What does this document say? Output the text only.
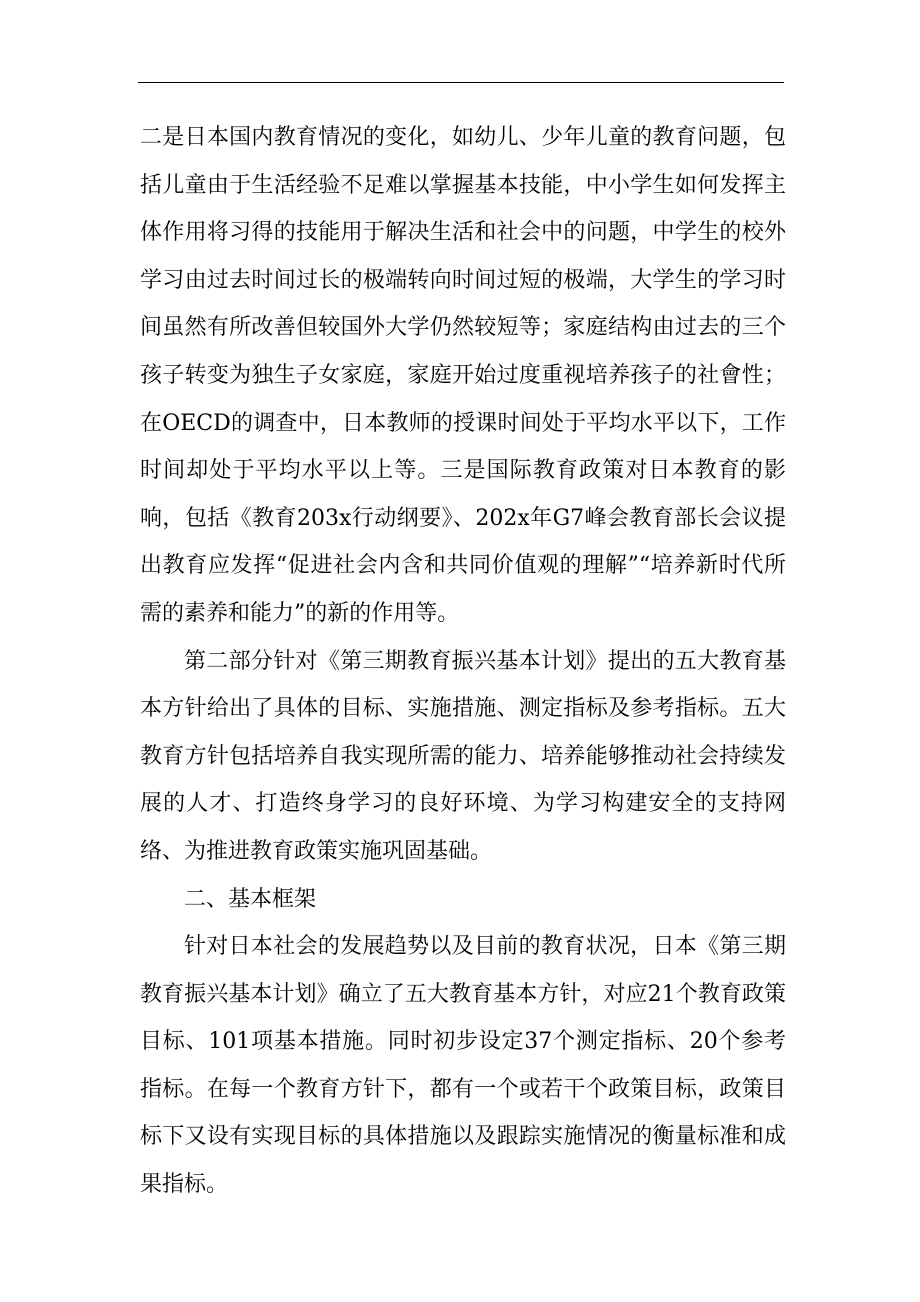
二是日本国内教育情况的变化，如幼儿、少年儿童的教育问题，包括儿童由于生活经验不足难以掌握基本技能，中小学生如何发挥主体作用将习得的技能用于解决生活和社会中的问题，中学生的校外学习由过去时间过长的极端转向时间过短的极端，大学生的学习时间虽然有所改善但较国外大学仍然较短等；家庭结构由过去的三个孩子转变为独生子女家庭，家庭开始过度重视培养孩子的社會性；在OECD的调查中，日本教师的授课时间处于平均水平以下，工作时间却处于平均水平以上等。三是国际教育政策对日本教育的影响，包括《教育203x行动纲要》、202x年G7峰会教育部长会议提出教育应发挥“促进社会内含和共同价值观的理解”“培养新时代所需的素养和能力”的新的作用等。

第二部分针对《第三期教育振兴基本计划》提出的五大教育基本方针给出了具体的目标、实施措施、测定指标及参考指标。五大教育方针包括培养自我实现所需的能力、培养能够推动社会持续发展的人才、打造终身学习的良好环境、为学习构建安全的支持网络、为推进教育政策实施巩固基础。

二、基本框架

针对日本社会的发展趋势以及目前的教育状况，日本《第三期教育振兴基本计划》确立了五大教育基本方针，对应21个教育政策目标、101项基本措施。同时初步设定37个测定指标、20个参考指标。在每一个教育方针下，都有一个或若干个政策目标，政策目标下又设有实现目标的具体措施以及跟踪实施情况的衡量标准和成果指标。
